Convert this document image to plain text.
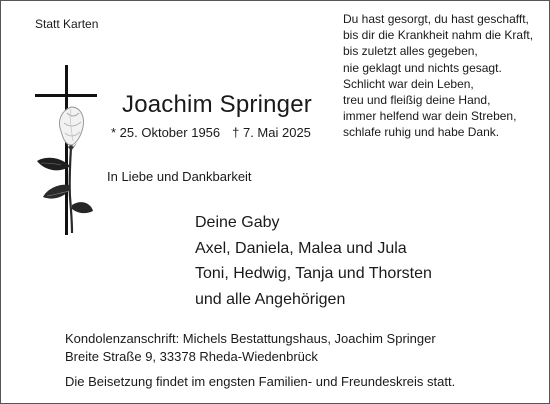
Statt Karten	Du hast gesorgt, du hast geschafft,
bis dir die Krankheit nahm die Kraft,
bis zuletzt alles gegeben,
nie geklagt und nichts gesagt.
Schlicht war dein Leben,
treu und fleißig deine Hand,
immer helfend war dein Streben,
schlafe ruhig und habe Dank.
Joachim Springer
* 25. Oktober 1956 † 7. Mai 2025
In Liebe und Dankbarkeit
Deine Gaby
Axel, Daniela, Malea und Jula
Toni, Hedwig, Tanja und Thorsten
und alle Angehörigen
Kondolenzanschrift: Michels Bestattungshaus, Joachim Springer
Breite Straße 9, 33378 Rheda-Wiedenbrück
Die Beisetzung findet im engsten Familien- und Freundeskreis statt.
